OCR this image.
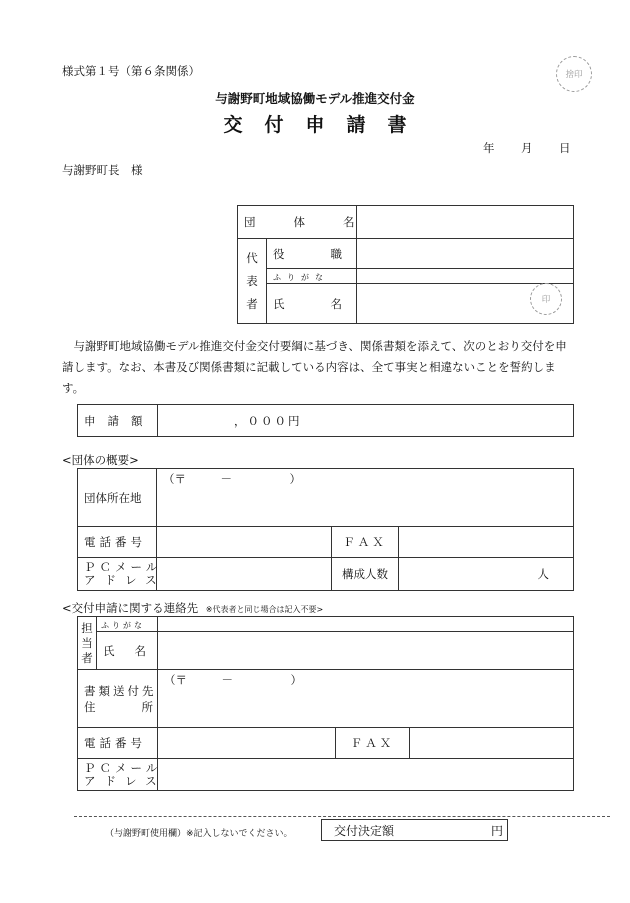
様式第１号（第６条関係）	捨印
与謝野町地域協働モデル推進交付金
交付申請書
年 月 日
与謝野町長　様
団体名		

代
表
者	役職	
	ふりがな	
	氏名		印
　与謝野町地域協働モデル推進交付金交付要綱に基づき、関係書類を添えて、次のとおり交付を申請します。なお、本書及び関係書類に記載している内容は、全て事実と相違ないことを誓約します。
申請額	，０００円
<団体の概要>
団体所在地	（〒　　　－　　　　　）		
電話番号		ＦＡＸ	

ＰＣメール
アドレス		構成人数	人
<交付申請に関する連絡先 ※代表者と同じ場合は記入不要>
担
当
者	ふりがな			
	氏名			

書類送付先
住所		（〒　　　－　　　　　）		
電話番号			ＦＡＸ	

ＰＣメール
アドレス				

（与謝野町使用欄）※記入しないでください。	交付決定額	円
